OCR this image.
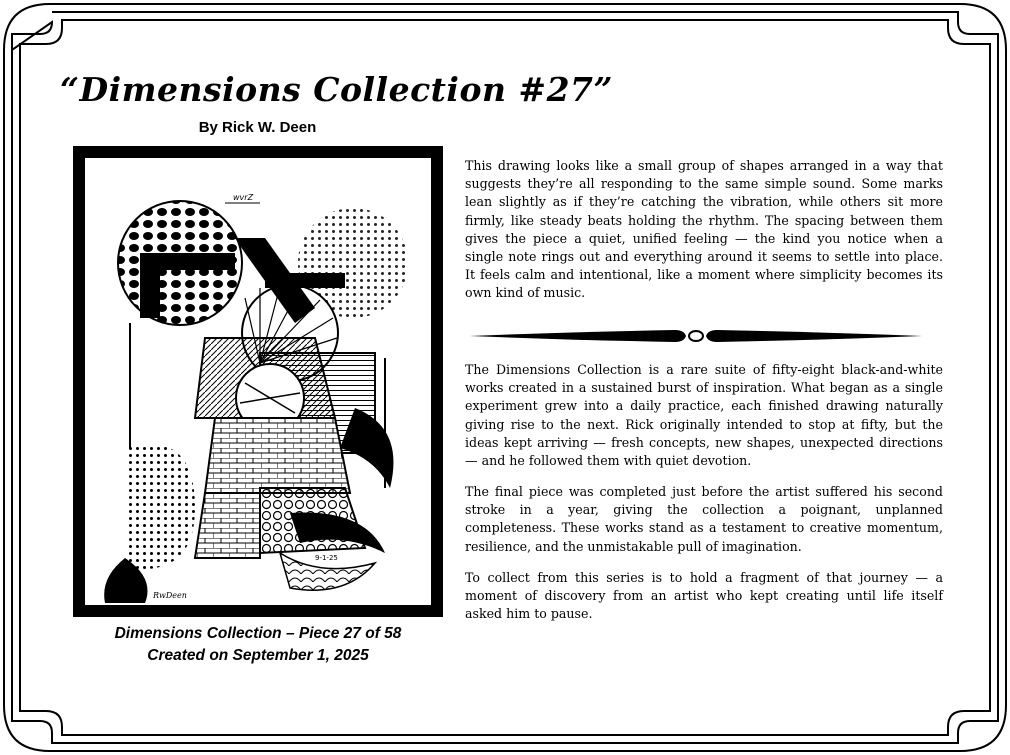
“Dimensions Collection #27”
By Rick W. Deen
wvrZ
RwDeen
9-1-25
Dimensions Collection – Piece 27 of 58
Created on September 1, 2025

This drawing looks like a small group of shapes arranged in a way that suggests they’re all responding to the same simple sound. Some marks lean slightly as if they’re catching the vibration, while others sit more firmly, like steady beats holding the rhythm. The spacing between them gives the piece a quiet, unified feeling — the kind you notice when a single note rings out and everything around it seems to settle into place. It feels calm and intentional, like a moment where simplicity becomes its own kind of music.

The Dimensions Collection is a rare suite of fifty-eight black-and-white works created in a sustained burst of inspiration. What began as a single experiment grew into a daily practice, each finished drawing naturally giving rise to the next. Rick originally intended to stop at fifty, but the ideas kept arriving — fresh concepts, new shapes, unexpected directions — and he followed them with quiet devotion.

The final piece was completed just before the artist suffered his second stroke in a year, giving the collection a poignant, unplanned completeness. These works stand as a testament to creative momentum, resilience, and the unmistakable pull of imagination.

To collect from this series is to hold a fragment of that journey — a moment of discovery from an artist who kept creating until life itself asked him to pause.
